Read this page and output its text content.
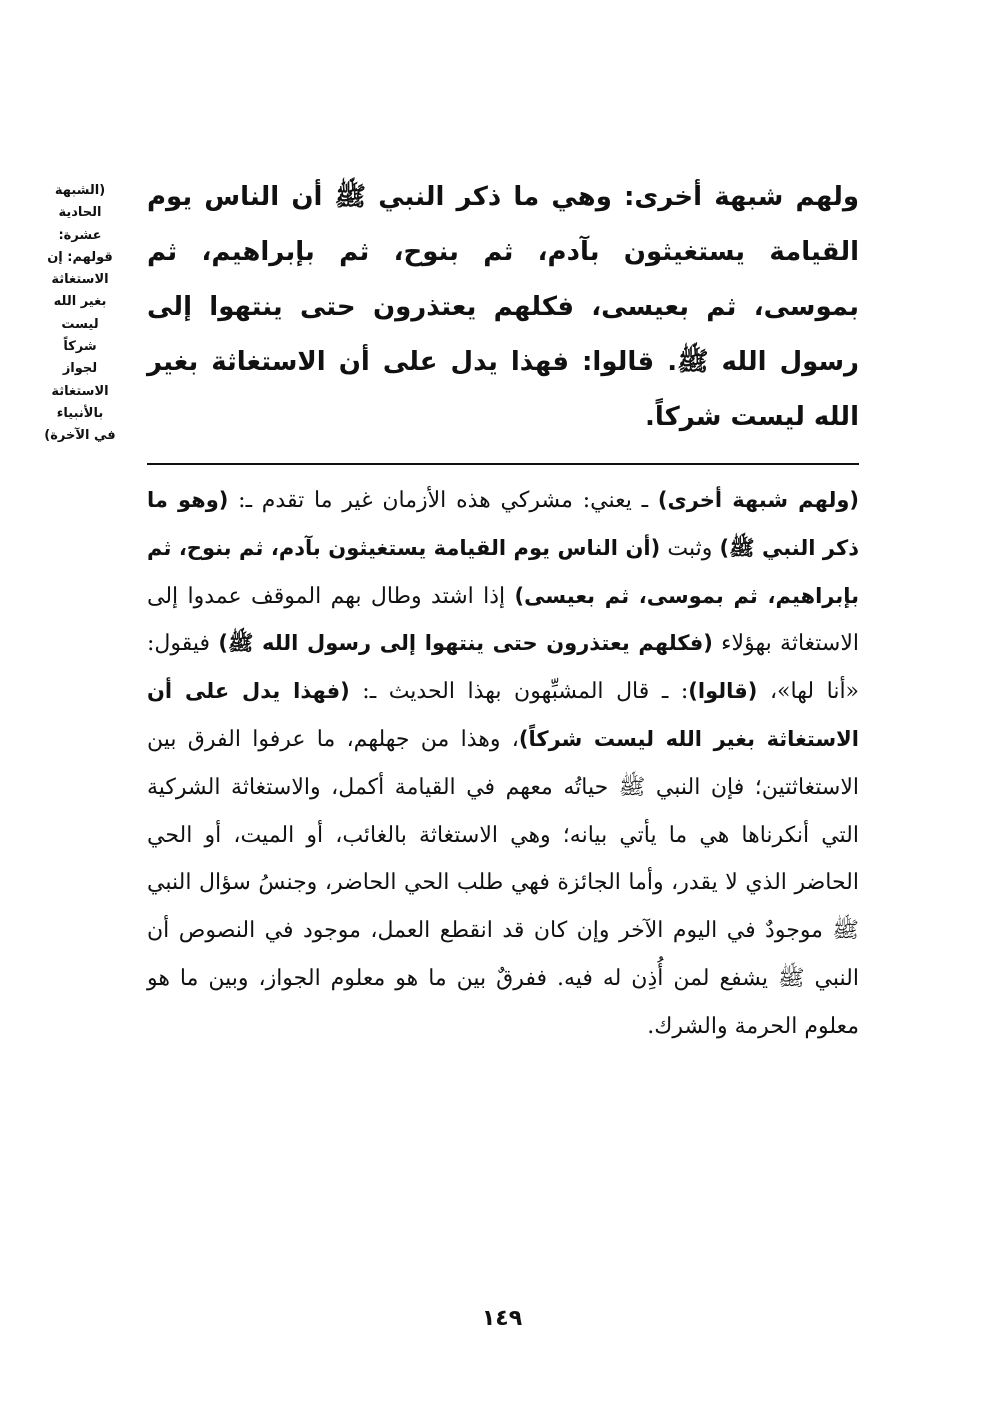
(الشبهة
الحادية
عشرة:
قولهم: إن
الاستغاثة
بغير الله
ليست
شركاً
لجواز
الاستغاثة
بالأنبياء
في الآخرة)

ولهم شبهة أخرى: وهي ما ذكر النبي ﷺ أن الناس يوم القيامة يستغيثون بآدم، ثم بنوح، ثم بإبراهيم، ثم بموسى، ثم بعيسى، فكلهم يعتذرون حتى ينتهوا إلى رسول الله ﷺ. قالوا: فهذا يدل على أن الاستغاثة بغير الله ليست شركاً.

(ولهم شبهة أخرى) ـ يعني: مشركي هذه الأزمان غير ما تقدم ـ: (وهو ما ذكر النبي ﷺ) وثبت (أن الناس يوم القيامة يستغيثون بآدم، ثم بنوح، ثم بإبراهيم، ثم بموسى، ثم بعيسى) إذا اشتد وطال بهم الموقف عمدوا إلى الاستغاثة بهؤلاء (فكلهم يعتذرون حتى ينتهوا إلى رسول الله ﷺ) فيقول: «أنا لها»، (قالوا): ـ قال المشبِّهون بهذا الحديث ـ: (فهذا يدل على أن الاستغاثة بغير الله ليست شركاً)، وهذا من جهلهم، ما عرفوا الفرق بين الاستغاثتين؛ فإن النبي ﷺ حياتُه معهم في القيامة أكمل، والاستغاثة الشركية التي أنكرناها هي ما يأتي بيانه؛ وهي الاستغاثة بالغائب، أو الميت، أو الحي الحاضر الذي لا يقدر، وأما الجائزة فهي طلب الحي الحاضر، وجنسُ سؤال النبي ﷺ موجودٌ في اليوم الآخر وإن كان قد انقطع العمل، موجود في النصوص أن النبي ﷺ يشفع لمن أُذِن له فيه. ففرقٌ بين ما هو معلوم الجواز، وبين ما هو معلوم الحرمة والشرك.

١٤٩
